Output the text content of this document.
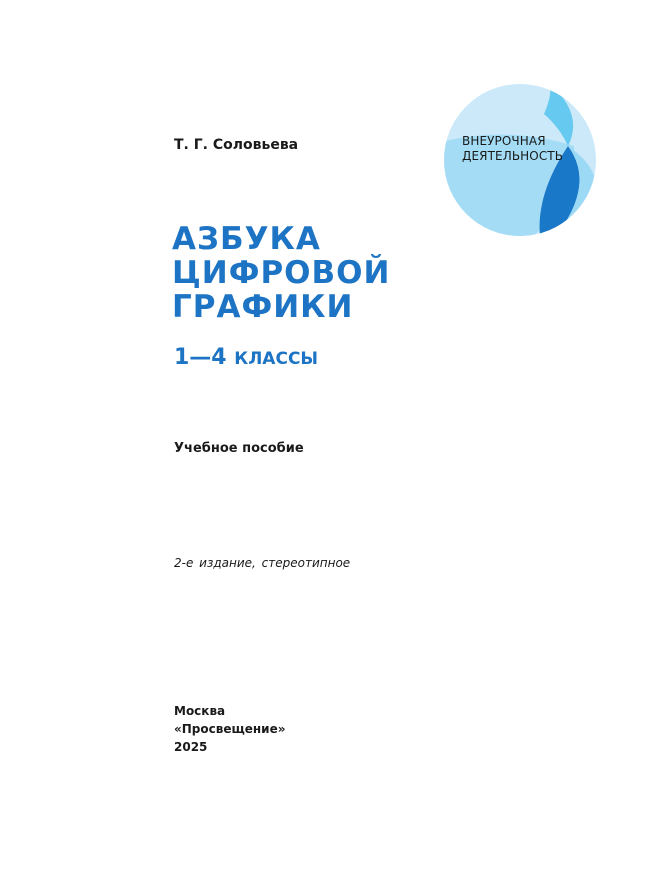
ВНЕУРОЧНАЯ
ДЕЯТЕЛЬНОСТЬ
Т. Г. Соловьева
АЗБУКА
ЦИФРОВОЙ
ГРАФИКИ
1—4 КЛАССЫ
Учебное пособие
2-е издание, стереотипное
Москва
«Просвещение»
2025
